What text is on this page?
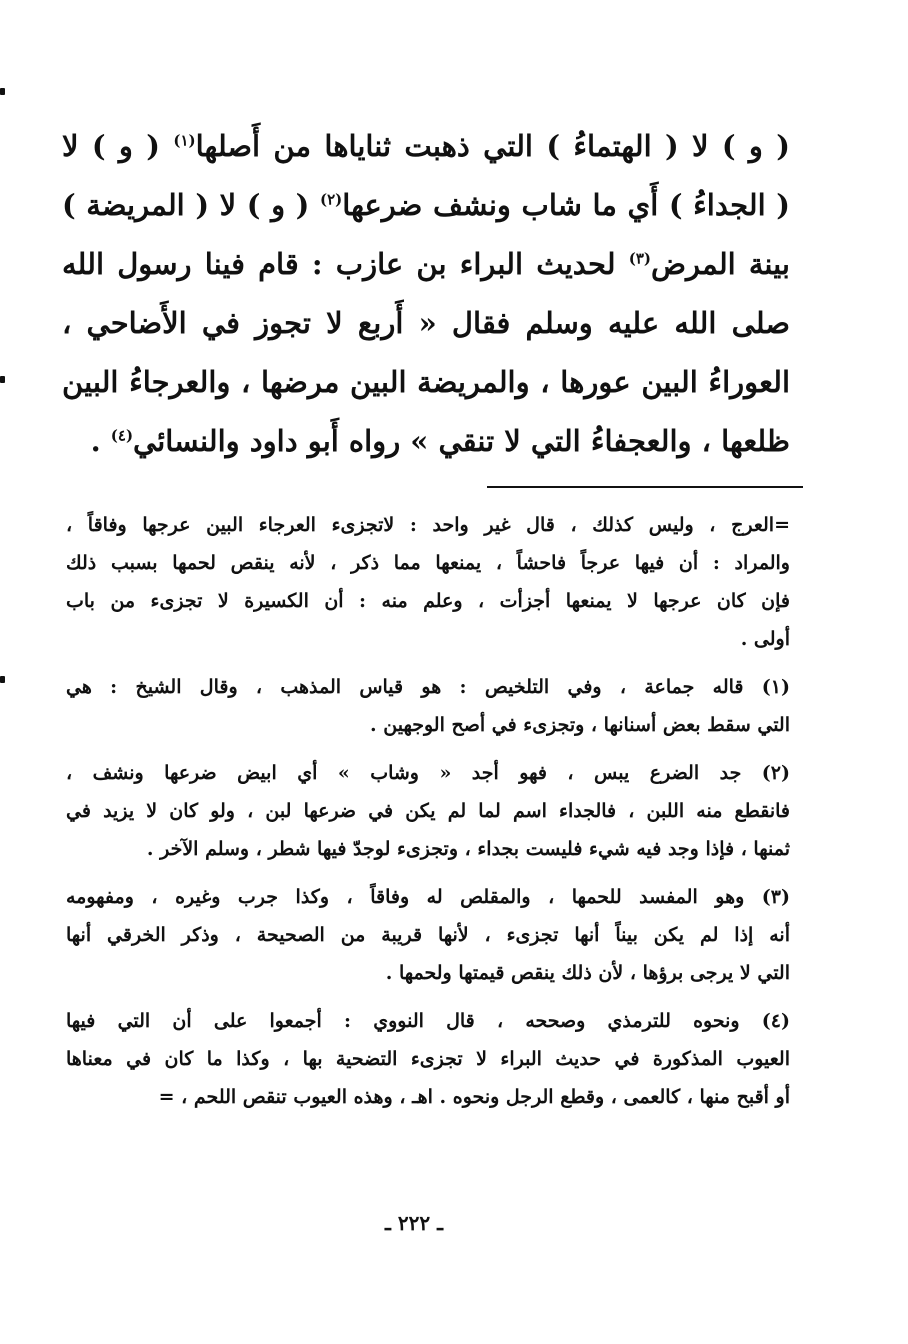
( و ) لا ( الهتماءُ ) التي ذهبت ثناياها من أَصلها$^{(١)}$ ( و ) لا
( الجداءُ ) أَي ما شاب ونشف ضرعها$^{(٢)}$ ( و ) لا ( المريضة )
بينة المرض$^{(٣)}$ لحديث البراء بن عازب : قام فينا رسول الله
صلى الله عليه وسلم فقال « أَربع لا تجوز في الأَضاحي ،
العوراءُ البين عورها ، والمريضة البين مرضها ، والعرجاءُ البين
ظلعها ، والعجفاءُ التي لا تنقي » رواه أَبو داود والنسائي$^{(٤)}$ .
=العرج ، وليس كذلك ، قال غير واحد : لاتجزىء العرجاء البين عرجها وفاقاً ،
والمراد : أن فيها عرجاً فاحشاً ، يمنعها مما ذكر ، لأنه ينقص لحمها بسبب ذلك
فإن كان عرجها لا يمنعها أجزأت ، وعلم منه : أن الكسيرة لا تجزىء من باب
أولى .
(١) قاله جماعة ، وفي التلخيص : هو قياس المذهب ، وقال الشيخ : هي
التي سقط بعض أسنانها ، وتجزىء في أصح الوجهين .
(٢) جد الضرع يبس ، فهو أجد « وشاب » أي ابيض ضرعها ونشف ،
فانقطع منه اللبن ، فالجداء اسم لما لم يكن في ضرعها لبن ، ولو كان لا يزيد في
ثمنها ، فإذا وجد فيه شيء فليست بجداء ، وتجزىء لوجدّ فيها شطر ، وسلم الآخر .
(٣) وهو المفسد للحمها ، والمقلص له وفاقاً ، وكذا جرب وغيره ، ومفهومه
أنه إذا لم يكن بيناً أنها تجزىء ، لأنها قريبة من الصحيحة ، وذكر الخرقي أنها
التي لا يرجى برؤها ، لأن ذلك ينقص قيمتها ولحمها .
(٤) ونحوه للترمذي وصححه ، قال النووي : أجمعوا على أن التي فيها
العيوب المذكورة في حديث البراء لا تجزىء التضحية بها ، وكذا ما كان في معناها
أو أقبح منها ، كالعمى ، وقطع الرجل ونحوه . اهـ ، وهذه العيوب تنقص اللحم ، =
ـ ٢٢٢ ـ
